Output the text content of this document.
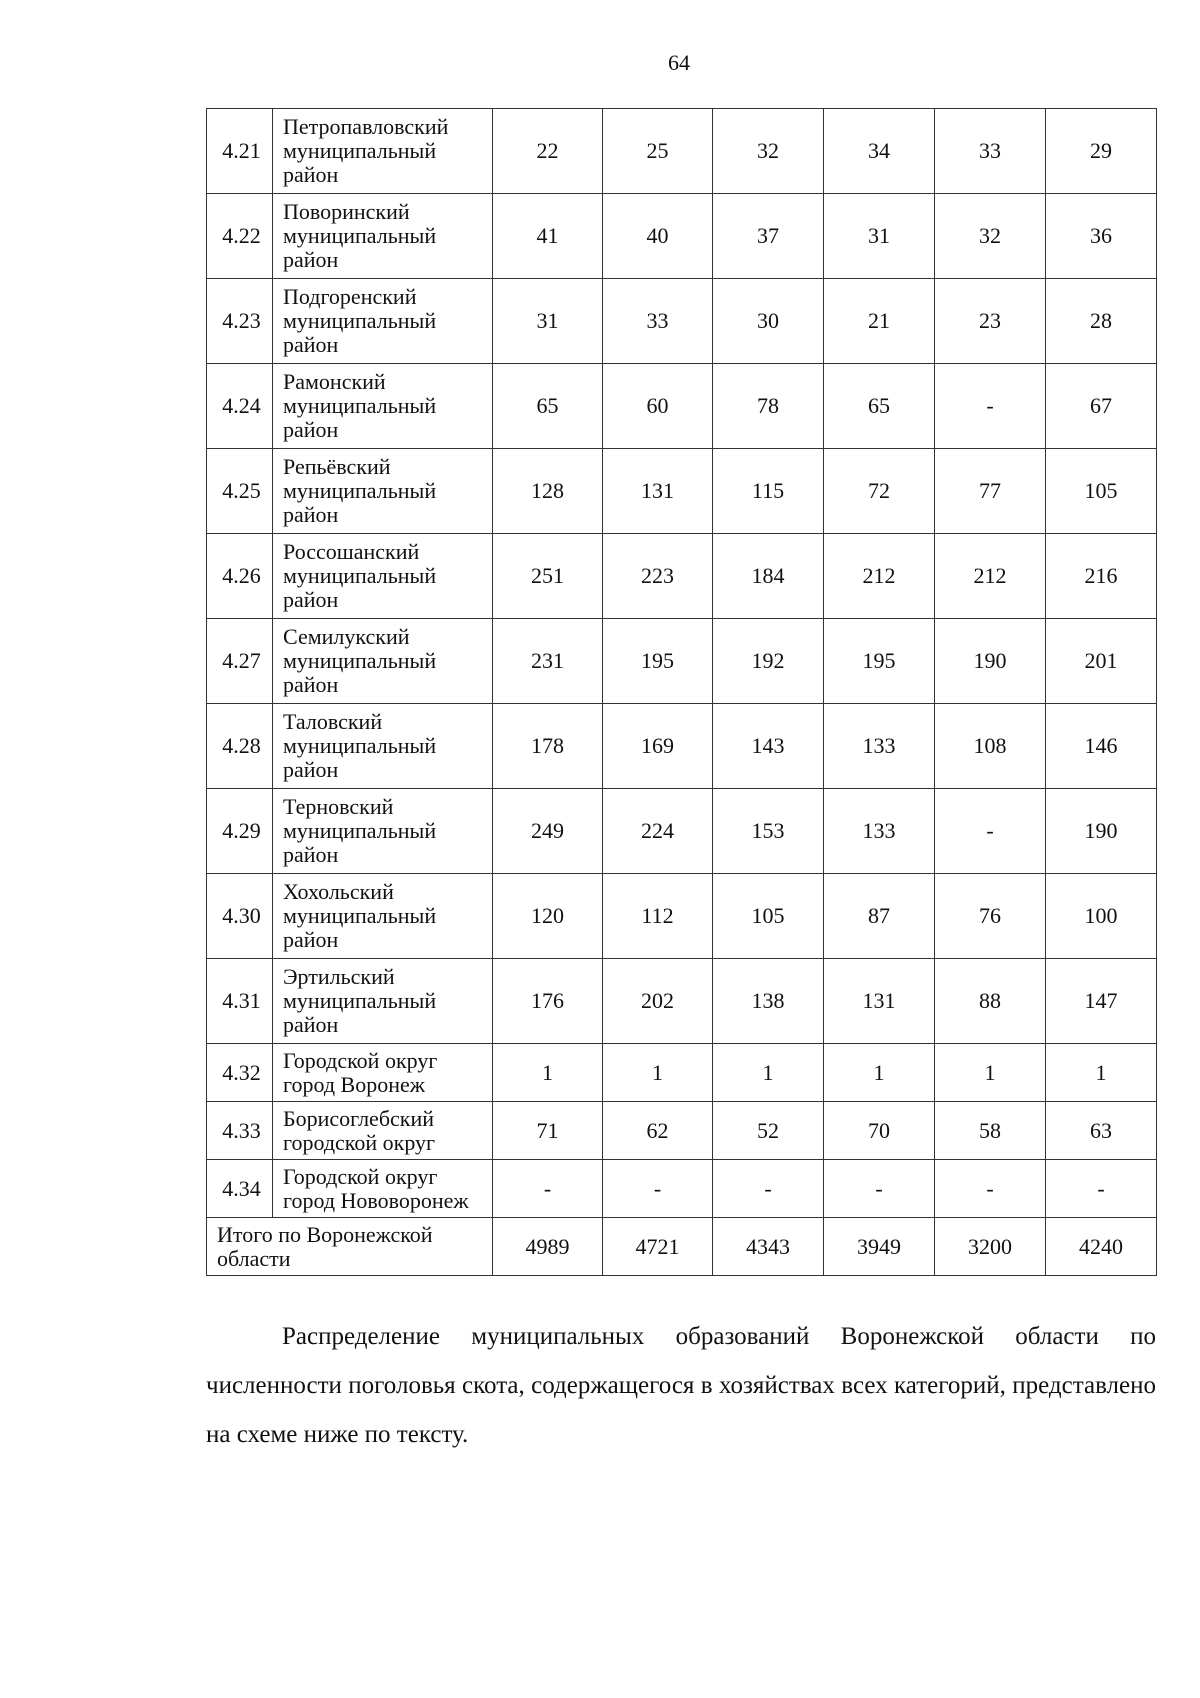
64
4.21	Петропавловский муниципальный район	22	25	32	34	33	29
4.22	Поворинский муниципальный район	41	40	37	31	32	36
4.23	Подгоренский муниципальный район	31	33	30	21	23	28
4.24	Рамонский муниципальный район	65	60	78	65	-	67
4.25	Репьёвский муниципальный район	128	131	115	72	77	105
4.26	Россошанский муниципальный район	251	223	184	212	212	216
4.27	Семилукский муниципальный район	231	195	192	195	190	201
4.28	Таловский муниципальный район	178	169	143	133	108	146
4.29	Терновский муниципальный район	249	224	153	133	-	190
4.30	Хохольский муниципальный район	120	112	105	87	76	100
4.31	Эртильский муниципальный район	176	202	138	131	88	147
4.32	Городской округ город Воронеж	1	1	1	1	1	1
4.33	Борисоглебский городской округ	71	62	52	70	58	63
4.34	Городской округ город Нововоронеж	-	-	-	-	-	-
Итого по Воронежской области		4989	4721	4343	3949	3200	4240

Распределение муниципальных образований Воронежской области по численности поголовья скота, содержащегося в хозяйствах всех категорий, представлено на схеме ниже по тексту.
